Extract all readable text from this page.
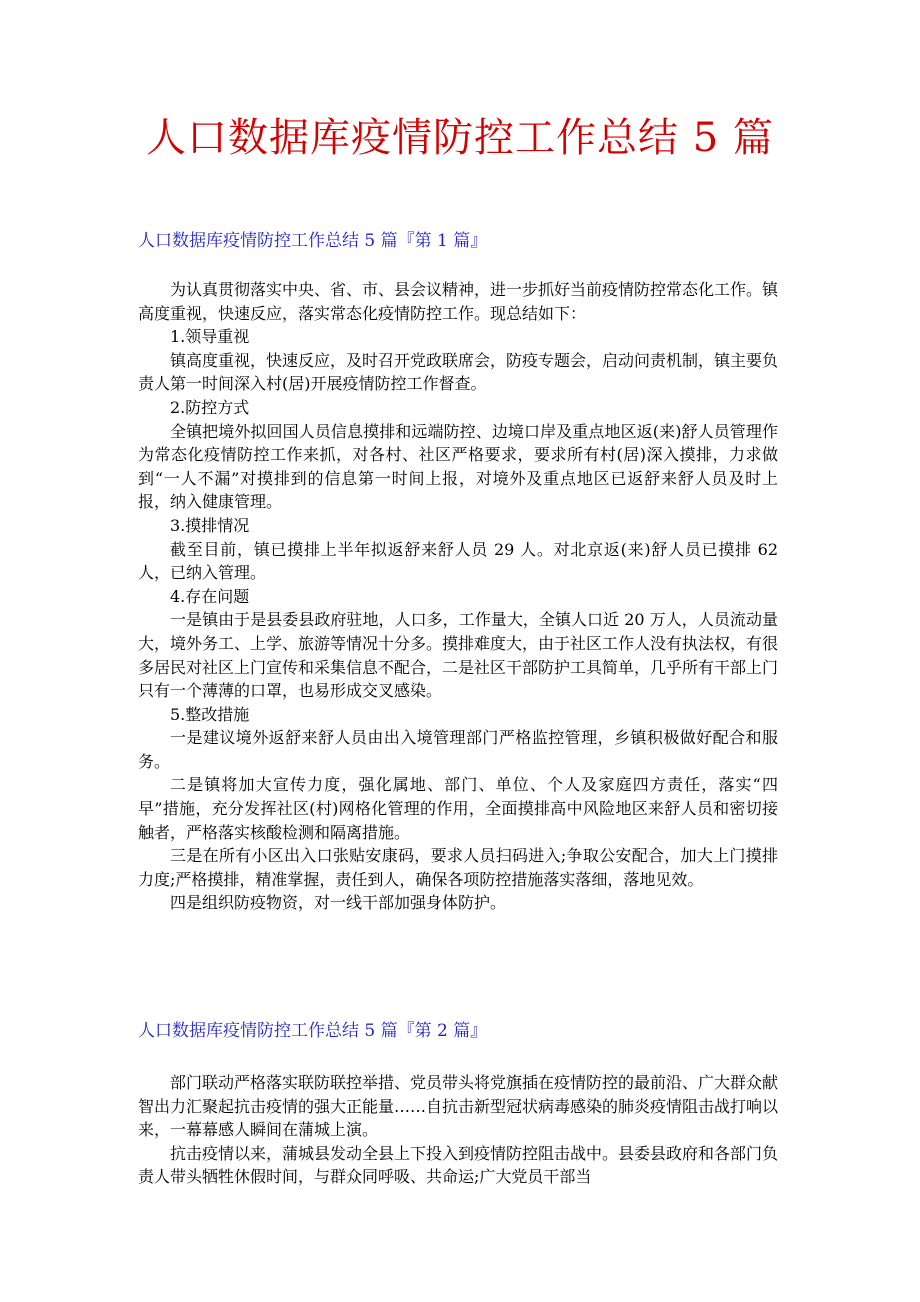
人口数据库疫情防控工作总结 5 篇
人口数据库疫情防控工作总结 5 篇『第 1 篇』

为认真贯彻落实中央、省、市、县会议精神，进一步抓好当前疫情防控常态化工作。镇高度重视，快速反应，落实常态化疫情防控工作。现总结如下：

1.领导重视

镇高度重视，快速反应，及时召开党政联席会，防疫专题会，启动问责机制，镇主要负责人第一时间深入村(居)开展疫情防控工作督查。

2.防控方式

全镇把境外拟回国人员信息摸排和远端防控、边境口岸及重点地区返(来)舒人员管理作为常态化疫情防控工作来抓，对各村、社区严格要求，要求所有村(居)深入摸排，力求做到“一人不漏”对摸排到的信息第一时间上报，对境外及重点地区已返舒来舒人员及时上报，纳入健康管理。

3.摸排情况

截至目前，镇已摸排上半年拟返舒来舒人员 29 人。对北京返(来)舒人员已摸排 62 人，已纳入管理。

4.存在问题

一是镇由于是县委县政府驻地，人口多，工作量大，全镇人口近 20 万人，人员流动量大，境外务工、上学、旅游等情况十分多。摸排难度大，由于社区工作人没有执法权，有很多居民对社区上门宣传和采集信息不配合，二是社区干部防护工具简单，几乎所有干部上门只有一个薄薄的口罩，也易形成交叉感染。

5.整改措施

一是建议境外返舒来舒人员由出入境管理部门严格监控管理，乡镇积极做好配合和服务。

二是镇将加大宣传力度，强化属地、部门、单位、个人及家庭四方责任，落实“四早”措施，充分发挥社区(村)网格化管理的作用，全面摸排高中风险地区来舒人员和密切接触者，严格落实核酸检测和隔离措施。

三是在所有小区出入口张贴安康码，要求人员扫码进入;争取公安配合，加大上门摸排力度;严格摸排，精准掌握，责任到人，确保各项防控措施落实落细，落地见效。

四是组织防疫物资，对一线干部加强身体防护。

人口数据库疫情防控工作总结 5 篇『第 2 篇』

部门联动严格落实联防联控举措、党员带头将党旗插在疫情防控的最前沿、广大群众献智出力汇聚起抗击疫情的强大正能量……自抗击新型冠状病毒感染的肺炎疫情阻击战打响以来，一幕幕感人瞬间在蒲城上演。

抗击疫情以来，蒲城县发动全县上下投入到疫情防控阻击战中。县委县政府和各部门负责人带头牺牲休假时间，与群众同呼吸、共命运;广大党员干部当
